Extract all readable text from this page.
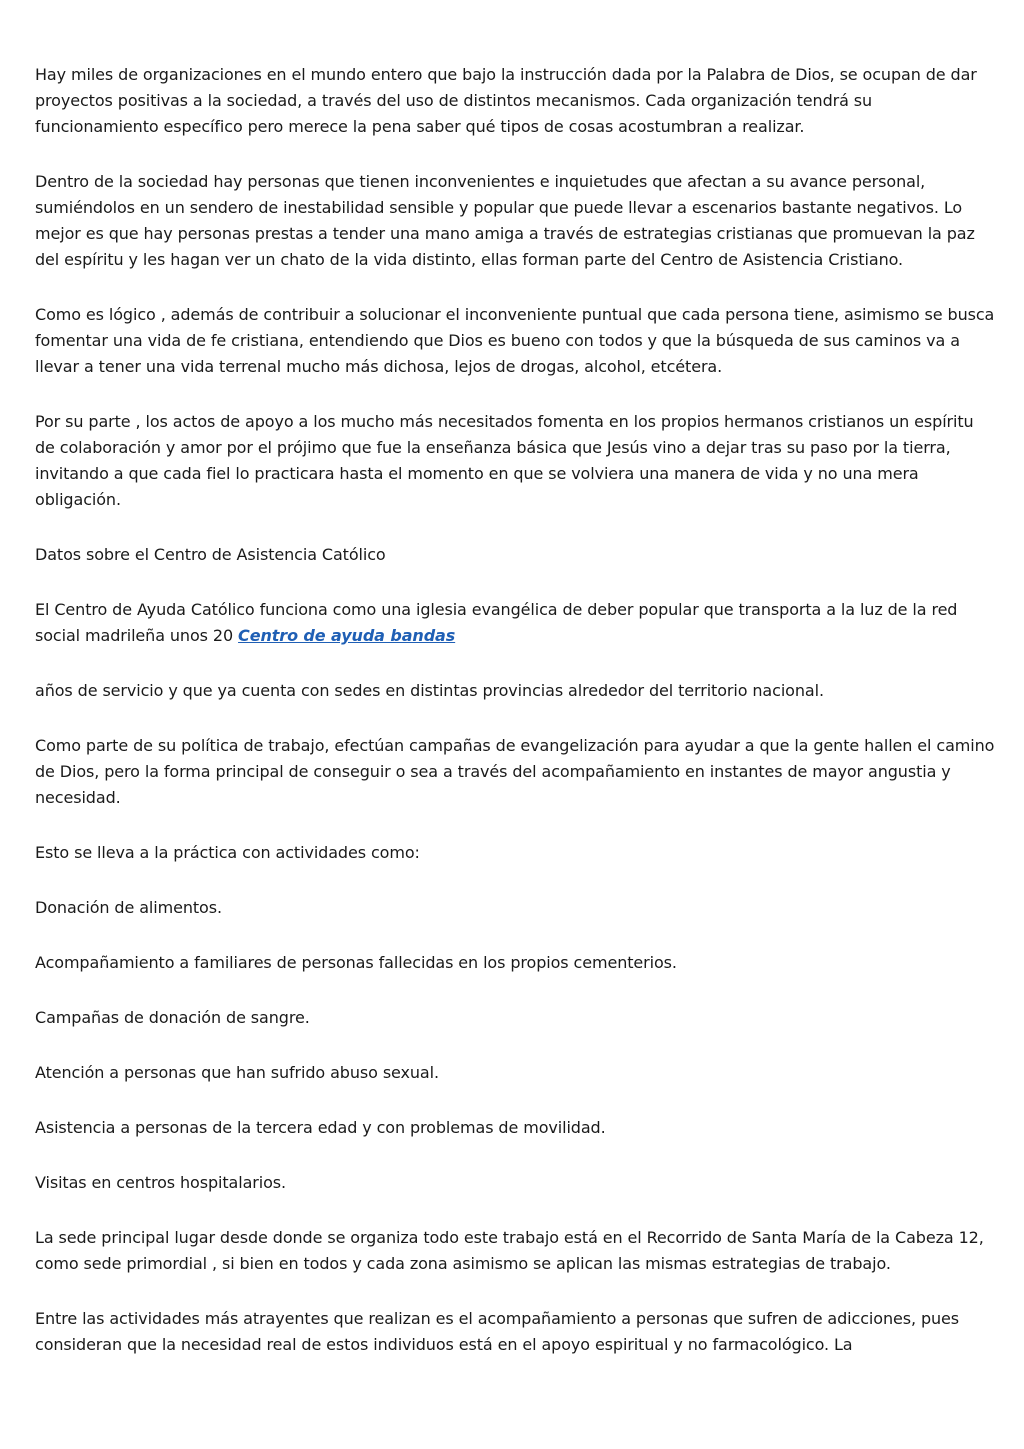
Hay miles de organizaciones en el mundo entero que bajo la instrucción dada por la Palabra de Dios, se ocupan de dar proyectos positivas a la sociedad, a través del uso de distintos mecanismos. Cada organización tendrá su funcionamiento específico pero merece la pena saber qué tipos de cosas acostumbran a realizar.

Dentro de la sociedad hay personas que tienen inconvenientes e inquietudes que afectan a su avance personal, sumiéndolos en un sendero de inestabilidad sensible y popular que puede llevar a escenarios bastante negativos. Lo mejor es que hay personas prestas a tender una mano amiga a través de estrategias cristianas que promuevan la paz del espíritu y les hagan ver un chato de la vida distinto, ellas forman parte del Centro de Asistencia Cristiano.

Como es lógico , además de contribuir a solucionar el inconveniente puntual que cada persona tiene, asimismo se busca fomentar una vida de fe cristiana, entendiendo que Dios es bueno con todos y que la búsqueda de sus caminos va a llevar a tener una vida terrenal mucho más dichosa, lejos de drogas, alcohol, etcétera.

Por su parte , los actos de apoyo a los mucho más necesitados fomenta en los propios hermanos cristianos un espíritu de colaboración y amor por el prójimo que fue la enseñanza básica que Jesús vino a dejar tras su paso por la tierra, invitando a que cada fiel lo practicara hasta el momento en que se volviera una manera de vida y no una mera obligación.

Datos sobre el Centro de Asistencia Católico

El Centro de Ayuda Católico funciona como una iglesia evangélica de deber popular que transporta a la luz de la red social madrileña unos 20 Centro de ayuda bandas

años de servicio y que ya cuenta con sedes en distintas provincias alrededor del territorio nacional.

Como parte de su política de trabajo, efectúan campañas de evangelización para ayudar a que la gente hallen el camino de Dios, pero la forma principal de conseguir o sea a través del acompañamiento en instantes de mayor angustia y necesidad.

Esto se lleva a la práctica con actividades como:

Donación de alimentos.

Acompañamiento a familiares de personas fallecidas en los propios cementerios.

Campañas de donación de sangre.

Atención a personas que han sufrido abuso sexual.

Asistencia a personas de la tercera edad y con problemas de movilidad.

Visitas en centros hospitalarios.

La sede principal lugar desde donde se organiza todo este trabajo está en el Recorrido de Santa María de la Cabeza 12, como sede primordial , si bien en todos y cada zona asimismo se aplican las mismas estrategias de trabajo.

Entre las actividades más atrayentes que realizan es el acompañamiento a personas que sufren de adicciones, pues consideran que la necesidad real de estos individuos está en el apoyo espiritual y no farmacológico. La
